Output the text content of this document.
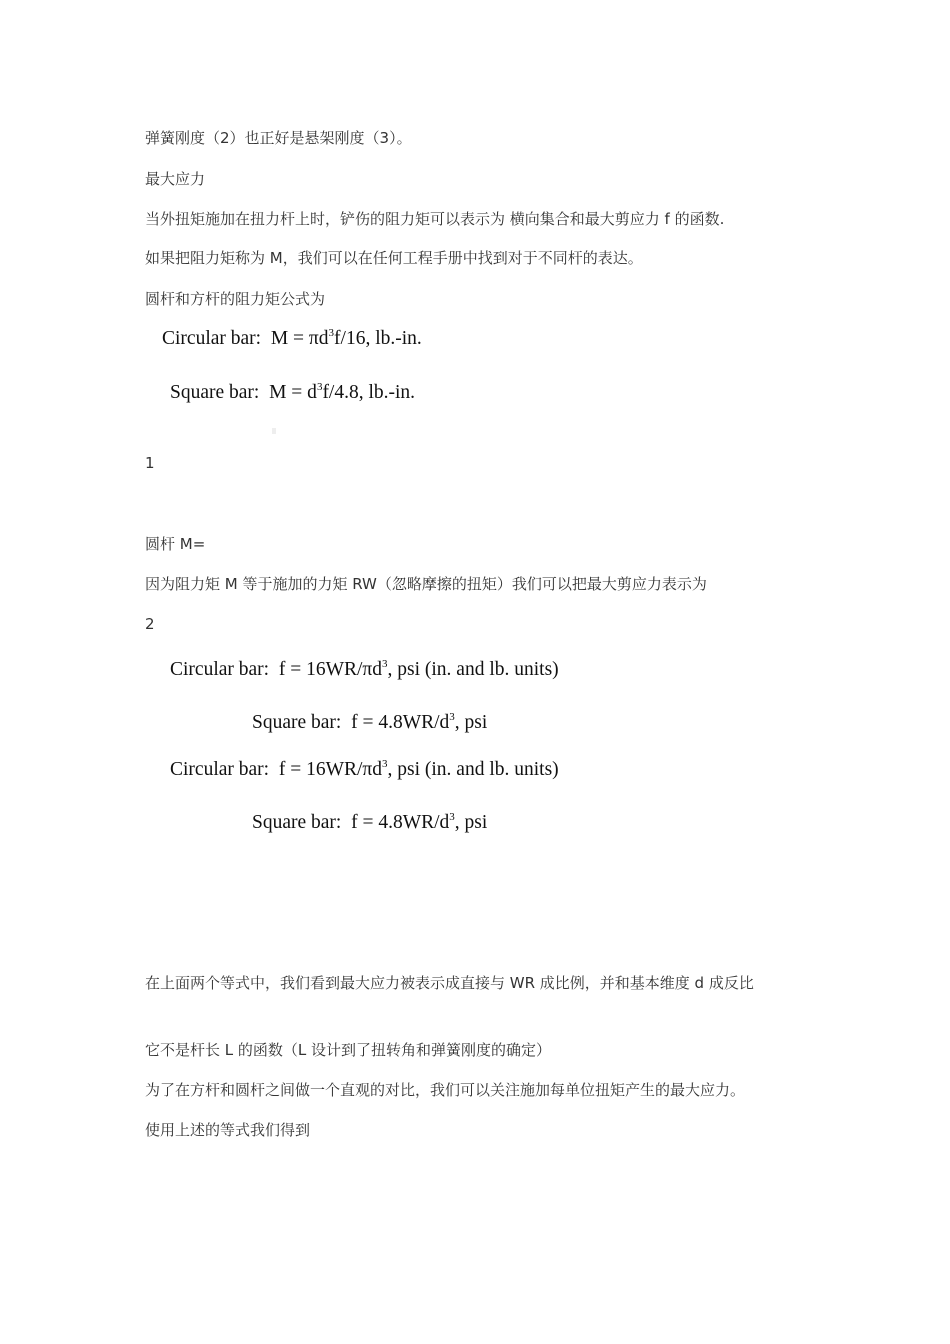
弹簧刚度（2）也正好是悬架刚度（3）。
最大应力
当外扭矩施加在扭力杆上时，铲伤的阻力矩可以表示为 横向集合和最大剪应力 f 的函数.
如果把阻力矩称为 M，我们可以在任何工程手册中找到对于不同杆的表达。
圆杆和方杆的阻力矩公式为
Circular bar: $M = \pi d^3f/16$, lb.-in.
Square bar: $M = d^3f/4.8$, lb.-in.
1
圆杆 M=
因为阻力矩 M 等于施加的力矩 RW（忽略摩擦的扭矩）我们可以把最大剪应力表示为
2
Circular bar: $f = 16WR/\pi d^3$, psi (in. and lb. units)
Square bar: $f = 4.8WR/d^3$, psi
Circular bar: $f = 16WR/\pi d^3$, psi (in. and lb. units)
Square bar: $f = 4.8WR/d^3$, psi
在上面两个等式中，我们看到最大应力被表示成直接与 WR 成比例，并和基本维度 d 成反比
它不是杆长 L 的函数（L 设计到了扭转角和弹簧刚度的确定）
为了在方杆和圆杆之间做一个直观的对比，我们可以关注施加每单位扭矩产生的最大应力。
使用上述的等式我们得到
